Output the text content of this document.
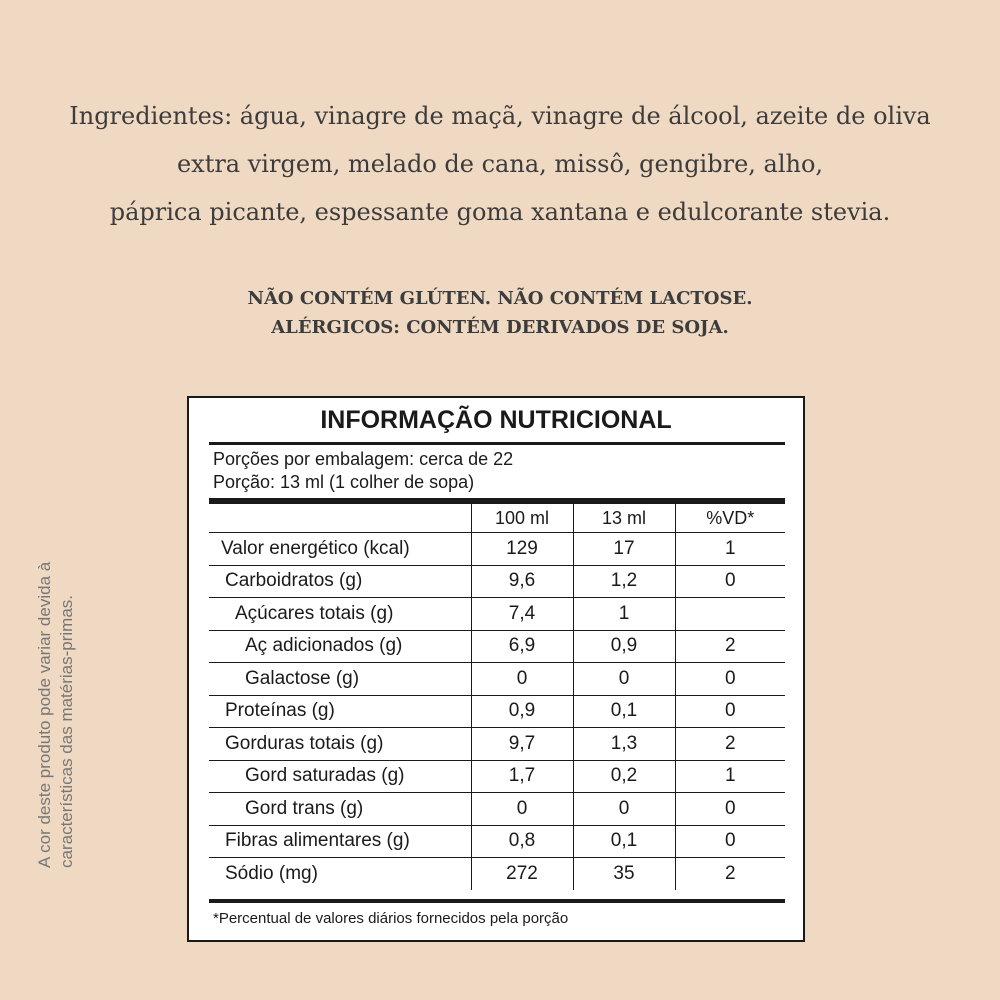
Ingredientes: água, vinagre de maçã, vinagre de álcool, azeite de oliva
extra virgem, melado de cana, missô, gengibre, alho,
páprica picante, espessante goma xantana e edulcorante stevia.
NÃO CONTÉM GLÚTEN. NÃO CONTÉM LACTOSE.
ALÉRGICOS: CONTÉM DERIVADOS DE SOJA.
A cor deste produto pode variar devida à características das matérias-primas.
INFORMAÇÃO NUTRICIONAL
Porções por embalagem: cerca de 22
Porção: 13 ml (1 colher de sopa)
	100 ml	13 ml	%VD*
Valor energético (kcal)	129	17	1
Carboidratos (g)	9,6	1,2	0
Açúcares totais (g)	7,4	1	
Aç adicionados (g)	6,9	0,9	2
Galactose (g)	0	0	0
Proteínas (g)	0,9	0,1	0
Gorduras totais (g)	9,7	1,3	2
Gord saturadas (g)	1,7	0,2	1
Gord trans (g)	0	0	0
Fibras alimentares (g)	0,8	0,1	0
Sódio (mg)	272	35	2
*Percentual de valores diários fornecidos pela porção
